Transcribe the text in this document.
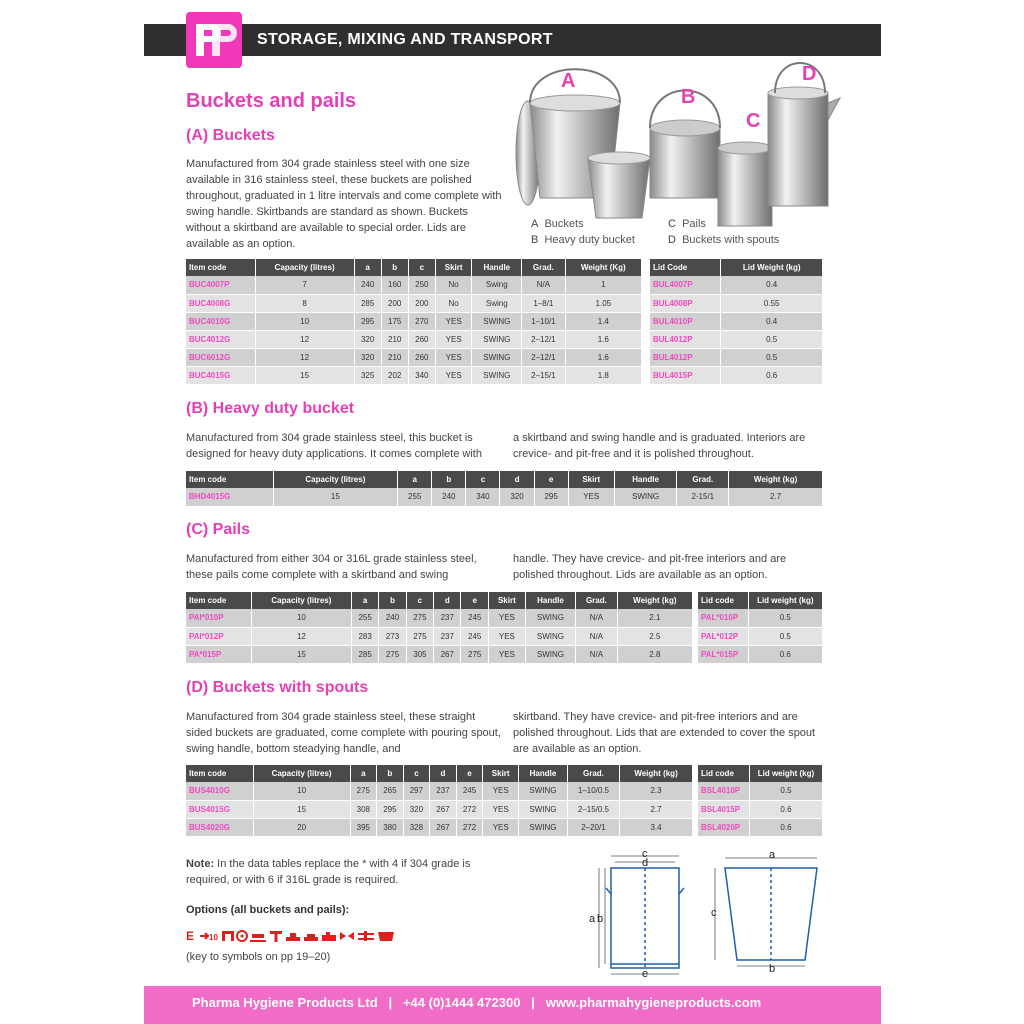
STORAGE, MIXING AND TRANSPORT
Buckets and pails
(A) Buckets
Manufactured from 304 grade stainless steel with one size available in 316 stainless steel, these buckets are polished throughout, graduated in 1 litre intervals and come complete with swing handle. Skirtbands are standard as shown. Buckets without a skirtband are available to special order. Lids are available as an option.
A
B
C
D
A Buckets
B Heavy duty bucket
C Pails
D Buckets with spouts
Item code	Capacity (litres)	a	b	c	Skirt	Handle	Grad.	Weight (Kg)
BUC4007P	7	240	160	250	No	Swing	N/A	1
BUC4008G	8	285	200	200	No	Swing	1–8/1	1.05
BUC4010G	10	295	175	270	YES	SWING	1–10/1	1.4
BUC4012G	12	320	210	260	YES	SWING	2–12/1	1.6
BUC6012G	12	320	210	260	YES	SWING	2–12/1	1.6
BUC4015G	15	325	202	340	YES	SWING	2–15/1	1.8
Lid Code	Lid Weight (kg)
BUL4007P	0.4
BUL4008P	0.55
BUL4010P	0.4
BUL4012P	0.5
BUL4012P	0.5
BUL4015P	0.6
(B) Heavy duty bucket
Manufactured from 304 grade stainless steel, this bucket is designed for heavy duty applications. It comes complete with
a skirtband and swing handle and is graduated. Interiors are crevice- and pit-free and it is polished throughout.
Item code	Capacity (litres)	a	b	c	d	e	Skirt	Handle	Grad.	Weight (kg)
BHD4015G	15	255	240	340	320	295	YES	SWING	2-15/1	2.7
(C) Pails
Manufactured from either 304 or 316L grade stainless steel, these pails come complete with a skirtband and swing
handle. They have crevice- and pit-free interiors and are polished throughout. Lids are available as an option.
Item code	Capacity (litres)	a	b	c	d	e	Skirt	Handle	Grad.	Weight (kg)
PAI*010P	10	255	240	275	237	245	YES	SWING	N/A	2.1
PAI*012P	12	283	273	275	237	245	YES	SWING	N/A	2.5
PA*015P	15	285	275	305	267	275	YES	SWING	N/A	2.8
Lid code	Lid weight (kg)
PAL*010P	0.5
PAL*012P	0.5
PAL*015P	0.6
(D) Buckets with spouts
Manufactured from 304 grade stainless steel, these straight sided buckets are graduated, come complete with pouring spout, swing handle, bottom steadying handle, and
skirtband. They have crevice- and pit-free interiors and are polished throughout. Lids that are extended to cover the spout are available as an option.
Item code	Capacity (litres)	a	b	c	d	e	Skirt	Handle	Grad.	Weight (kg)
BUS4010G	10	275	265	297	237	245	YES	SWING	1–10/0.5	2.3
BUS4015G	15	308	295	320	267	272	YES	SWING	2–15/0.5	2.7
BUS4020G	20	395	380	328	267	272	YES	SWING	2–20/1	3.4
Lid code	Lid weight (kg)
BSL4010P	0.5
BSL4015P	0.6
BSL4020P	0.6
Note: In the data tables replace the * with 4 if 304 grade is required, or with 6 if 316L grade is required.
Options (all buckets and pails):
E 10
(key to symbols on pp 19–20)
c
d
a b
e
a
c
b
Pharma Hygiene Products Ltd   |   +44 (0)1444 472300   |   www.pharmahygieneproducts.com
